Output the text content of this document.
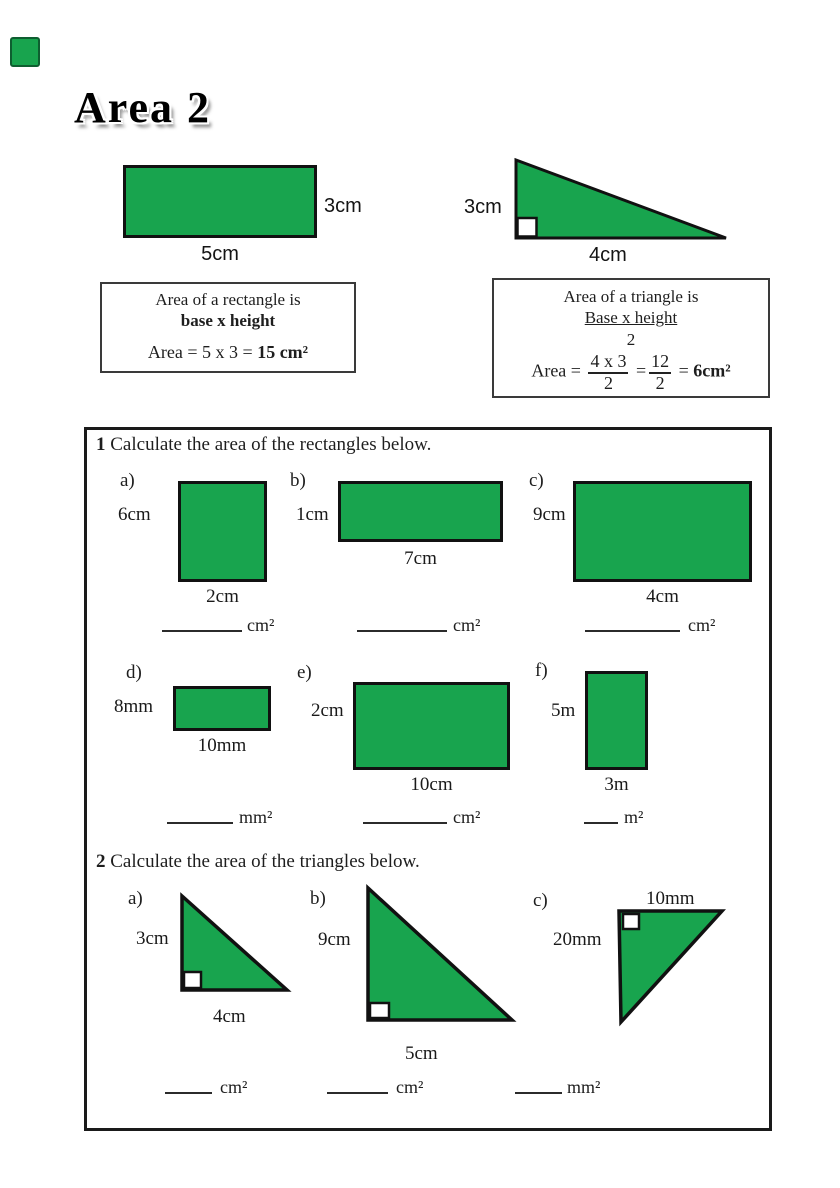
Area 2
3cm
5cm
3cm
4cm
Area of a rectangle is
base x height
Area = 5 x 3 = 15 cm²
Area of a triangle is
Base x height
2
Area = $\frac{4 x 3}{2} = \frac{12}{2} = 6cm^2$
1 Calculate the area of the rectangles below.
a)
6cm
2cm
cm²
b)
1cm
7cm
cm²
c)
9cm
4cm
cm²
d)
8mm
10mm
mm²
e)
2cm
10cm
cm²
f)
5m
3m
m²
2 Calculate the area of the triangles below.
a)
3cm
4cm
cm²
b)
9cm
5cm
cm²
c)	10mm
20mm
mm²
